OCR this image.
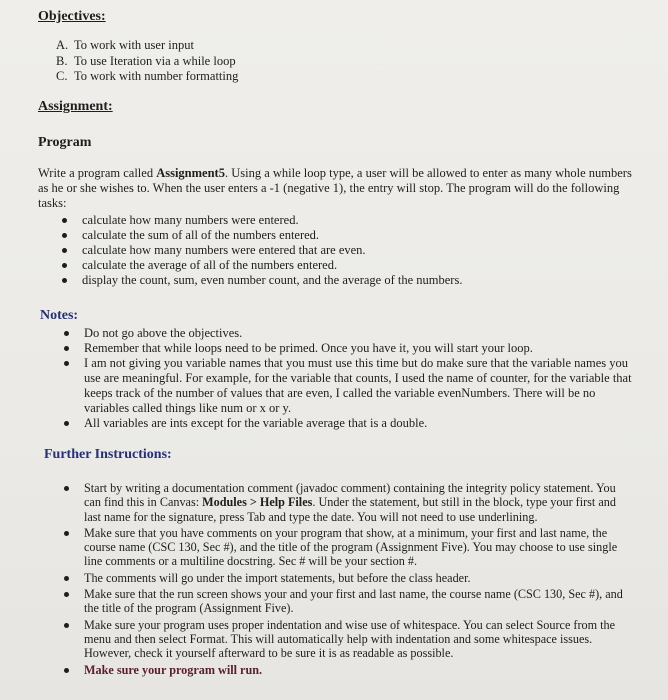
Objectives:
A. To work with user input
B. To use Iteration via a while loop
C. To work with number formatting
Assignment:
Program
Write a program called Assignment5. Using a while loop type, a user will be allowed to enter as many whole numbers as he or she wishes to. When the user enters a -1 (negative 1), the entry will stop. The program will do the following tasks:
calculate how many numbers were entered.
calculate the sum of all of the numbers entered.
calculate how many numbers were entered that are even.
calculate the average of all of the numbers entered.
display the count, sum, even number count, and the average of the numbers.
Notes:
Do not go above the objectives.
Remember that while loops need to be primed. Once you have it, you will start your loop.
I am not giving you variable names that you must use this time but do make sure that the variable names you use are meaningful. For example, for the variable that counts, I used the name of counter, for the variable that keeps track of the number of values that are even, I called the variable evenNumbers. There will be no variables called things like num or x or y.
All variables are ints except for the variable average that is a double.
Further Instructions:
Start by writing a documentation comment (javadoc comment) containing the integrity policy statement. You can find this in Canvas: Modules > Help Files. Under the statement, but still in the block, type your first and last name for the signature, press Tab and type the date. You will not need to use underlining.
Make sure that you have comments on your program that show, at a minimum, your first and last name, the course name (CSC 130, Sec #), and the title of the program (Assignment Five). You may choose to use single line comments or a multiline docstring. Sec # will be your section #.
The comments will go under the import statements, but before the class header.
Make sure that the run screen shows your and your first and last name, the course name (CSC 130, Sec #), and the title of the program (Assignment Five).
Make sure your program uses proper indentation and wise use of whitespace. You can select Source from the menu and then select Format. This will automatically help with indentation and some whitespace issues. However, check it yourself afterward to be sure it is as readable as possible.
Make sure your program will run.
